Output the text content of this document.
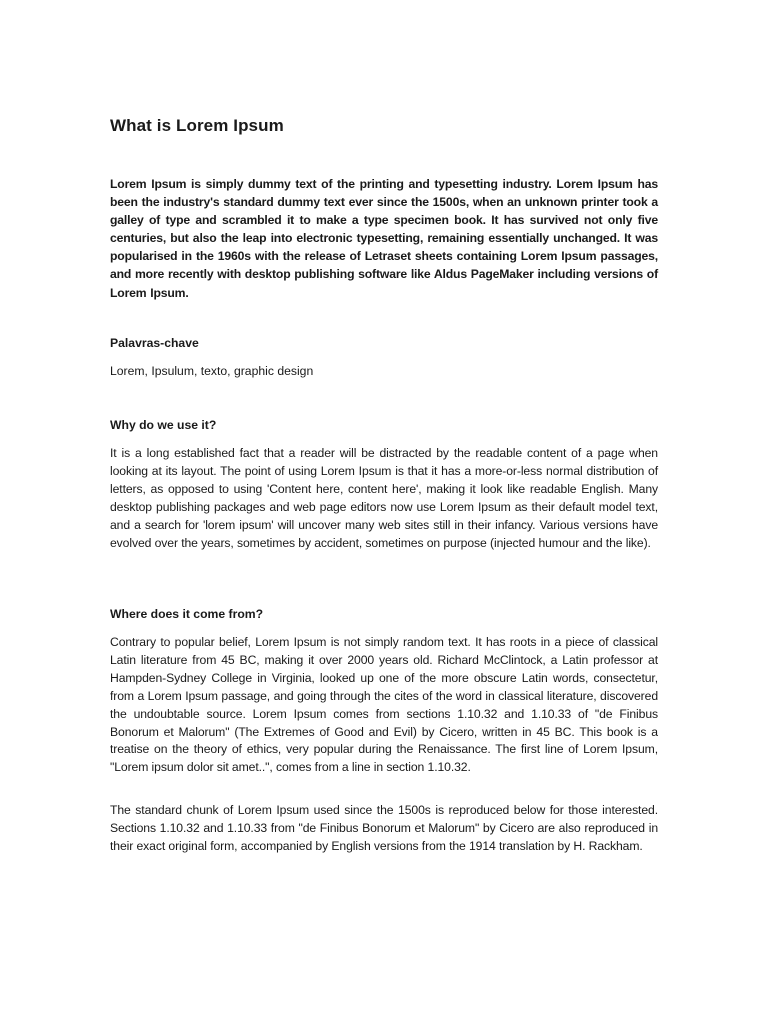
What is Lorem Ipsum

Lorem Ipsum is simply dummy text of the printing and typesetting industry. Lorem Ipsum has been the industry's standard dummy text ever since the 1500s, when an unknown printer took a galley of type and scrambled it to make a type specimen book. It has survived not only five centuries, but also the leap into electronic typesetting, remaining essentially unchanged. It was popularised in the 1960s with the release of Letraset sheets containing Lorem Ipsum passages, and more recently with desktop publishing software like Aldus PageMaker including versions of Lorem Ipsum.

Palavras-chave

Lorem, Ipsulum, texto, graphic design

Why do we use it?

It is a long established fact that a reader will be distracted by the readable content of a page when looking at its layout. The point of using Lorem Ipsum is that it has a more-or-less normal distribution of letters, as opposed to using 'Content here, content here', making it look like readable English. Many desktop publishing packages and web page editors now use Lorem Ipsum as their default model text, and a search for 'lorem ipsum' will uncover many web sites still in their infancy. Various versions have evolved over the years, sometimes by accident, sometimes on purpose (injected humour and the like).

Where does it come from?

Contrary to popular belief, Lorem Ipsum is not simply random text. It has roots in a piece of classical Latin literature from 45 BC, making it over 2000 years old. Richard McClintock, a Latin professor at Hampden-Sydney College in Virginia, looked up one of the more obscure Latin words, consectetur, from a Lorem Ipsum passage, and going through the cites of the word in classical literature, discovered the undoubtable source. Lorem Ipsum comes from sections 1.10.32 and 1.10.33 of "de Finibus Bonorum et Malorum" (The Extremes of Good and Evil) by Cicero, written in 45 BC. This book is a treatise on the theory of ethics, very popular during the Renaissance. The first line of Lorem Ipsum, "Lorem ipsum dolor sit amet..", comes from a line in section 1.10.32.

The standard chunk of Lorem Ipsum used since the 1500s is reproduced below for those interested. Sections 1.10.32 and 1.10.33 from "de Finibus Bonorum et Malorum" by Cicero are also reproduced in their exact original form, accompanied by English versions from the 1914 translation by H. Rackham.
